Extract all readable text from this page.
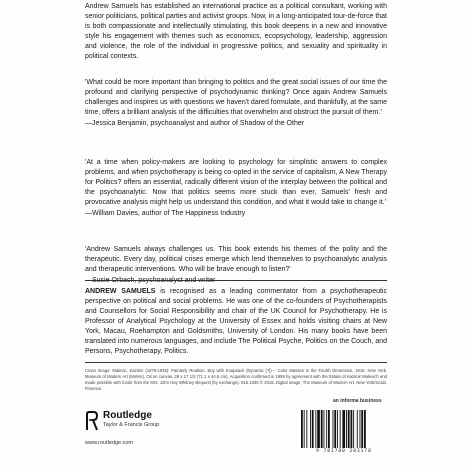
Andrew Samuels has established an international practice as a political consultant, working with senior politicians, political parties and activist groups. Now, in a long-anticipated tour-de-force that is both compassionate and intellectually stimulating, this book deepens in a new and innovative style his engagement with themes such as economics, ecopsychology, leadership, aggression and violence, the role of the individual in progressive politics, and sexuality and spirituality in political contexts.

'What could be more important than bringing to politics and the great social issues of our time the profound and clarifying perspective of psychodynamic thinking? Once again Andrew Samuels challenges and inspires us with questions we haven't dared formulate, and thankfully, at the same time, offers a brilliant analysis of the difficulties that overwhelm and obstruct the pursuit of them.'

—Jessica Benjamin, psychoanalyst and author of Shadow of the Other

'At a time when policy-makers are looking to psychology for simplistic answers to complex problems, and when psychotherapy is being co-opted in the service of capitalism, A New Therapy for Politics? offers an essential, radically different vision of the interplay between the political and the psychoanalytic. Now that politics seems more stuck than ever, Samuels' fresh and provocative analysis might help us understand this condition, and what it would take to change it.'

—William Davies, author of The Happiness Industry

'Andrew Samuels always challenges us. This book extends his themes of the polity and the therapeutic. Every day, political crises emerge which lend themselves to psychoanalytic analysis and therapeutic interventions. Who will be brave enough to listen?'

—Susie Orbach, psychoanalyst and writer

ANDREW SAMUELS is recognised as a leading commentator from a psychotherapeutic perspective on political and social problems. He was one of the co-founders of Psychotherapists and Counsellors for Social Responsibility and chair of the UK Council for Psychotherapy. He is Professor of Analytical Psychology at the University of Essex and holds visiting chairs at New York, Macau, Roehampton and Goldsmiths, University of London. His many books have been translated into numerous languages, and include The Political Psyche, Politics on the Couch, and Persons, Psychotherapy, Politics.

Cover image: Malevic, Kazimir (1878-1935): Painterly Realism. Boy with Knapsack (Dynamic [?]) – Color Masses in the Fourth Dimension, 1915. New York, Museum of Modern Art (MoMA). Oil on canvas, 28 x 17 1/2 (71.1 x 44.5 cm). Acquisition confirmed in 1999 by agreement with the Estate of Kazimir Malevich and made possible with funds from the Mrs. John Hay Whitney Bequest (by exchange). 816.1935 © 2015. Digital image, The Museum of Modern Art, New York/Scala, Florence.

an informa business
Routledge
Taylor & Francis Group
www.routledge.com
9 781780 203178
